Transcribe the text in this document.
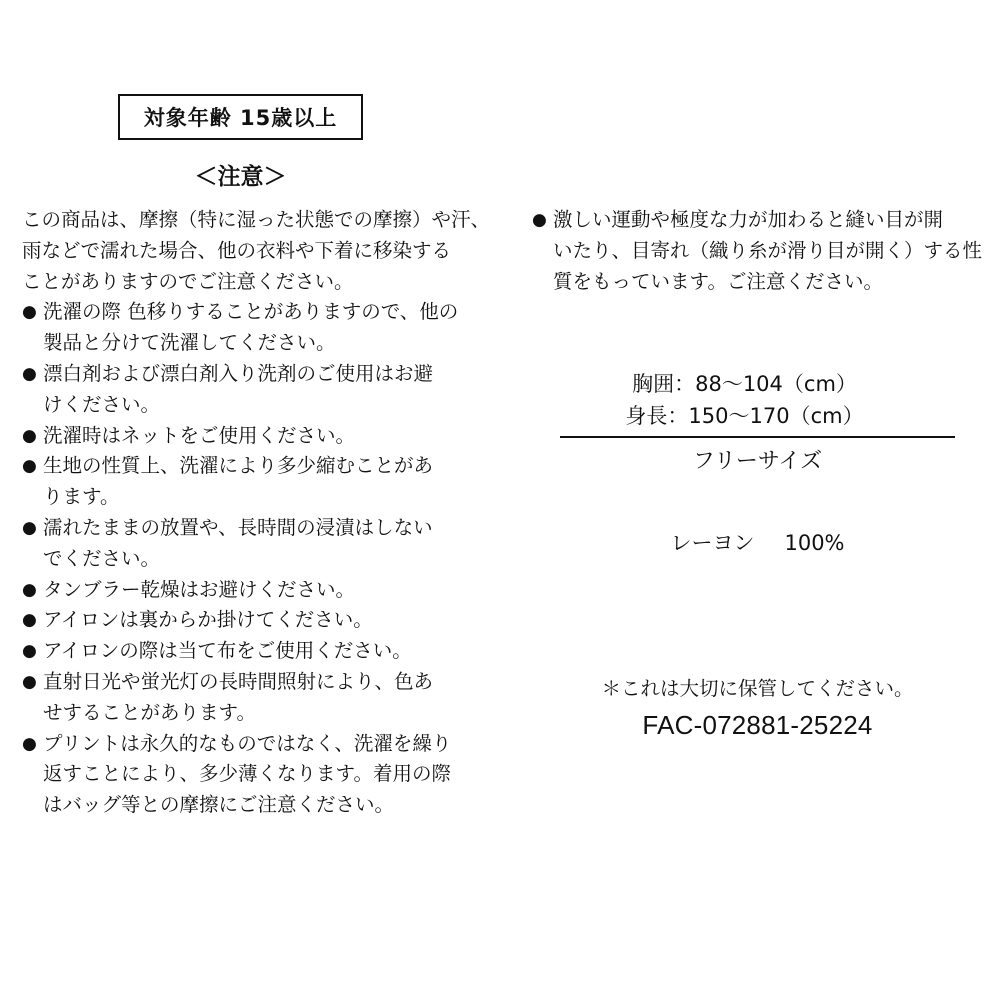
対象年齢 15歳以上
＜注意＞
この商品は、摩擦（特に湿った状態での摩擦）や汗、
雨などで濡れた場合、他の衣料や下着に移染する
ことがありますのでご注意ください。
● 洗濯の際 色移りすることがありますので、他の
製品と分けて洗濯してください。
● 漂白剤および漂白剤入り洗剤のご使用はお避
けください。
● 洗濯時はネットをご使用ください。
● 生地の性質上、洗濯により多少縮むことがあ
ります。
● 濡れたままの放置や、長時間の浸漬はしない
でください。
● タンブラー乾燥はお避けください。
● アイロンは裏からか掛けてください。
● アイロンの際は当て布をご使用ください。
● 直射日光や蛍光灯の長時間照射により、色あ
せすることがあります。
● プリントは永久的なものではなく、洗濯を繰り
返すことにより、多少薄くなります。着用の際
はバッグ等との摩擦にご注意ください。
● 激しい運動や極度な力が加わると縫い目が開
いたり、目寄れ（織り糸が滑り目が開く）する性
質をもっています。ご注意ください。
胸囲：88〜104（cm）
身長：150〜170（cm）
フリーサイズ
レーヨン 100%
＊これは大切に保管してください。
FAC-072881-25224
